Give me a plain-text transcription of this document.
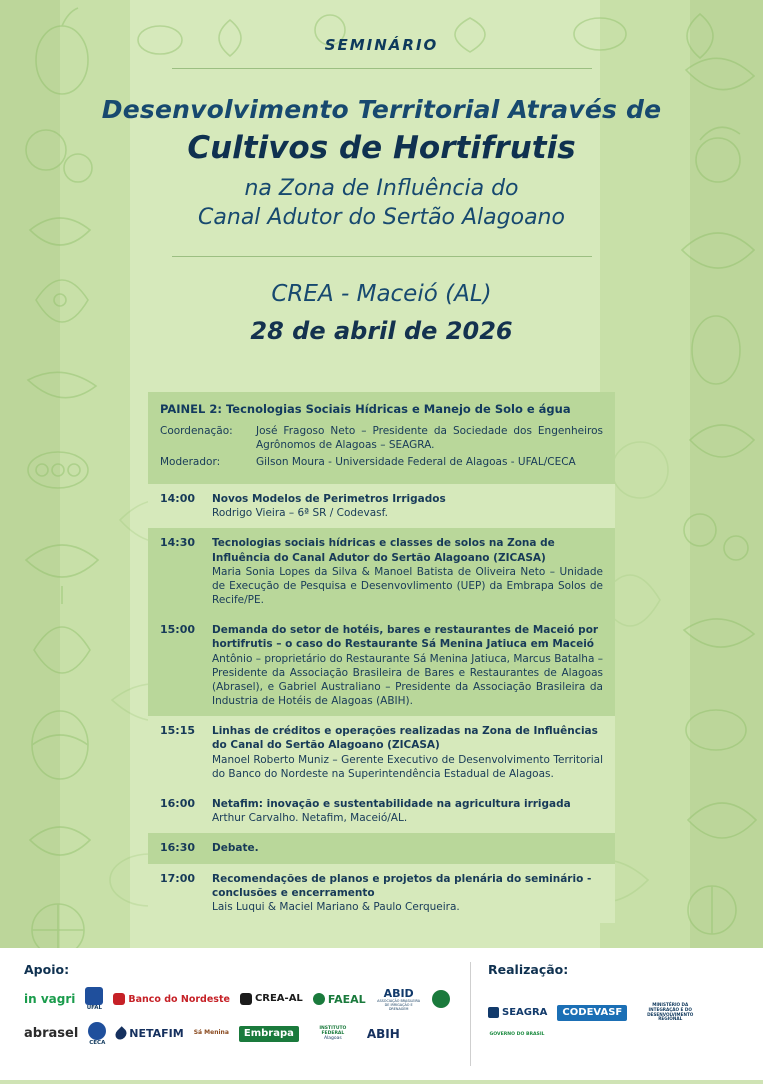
SEMINÁRIO
Desenvolvimento Territorial Através de
Cultivos de Hortifrutis
na Zona de Influência do
Canal Adutor do Sertão Alagoano
CREA - Maceió (AL)
28 de abril de 2026
PAINEL 2: Tecnologias Sociais Hídricas e Manejo de Solo e água
Coordenação:	José Fragoso Neto – Presidente da Sociedade dos Engenheiros Agrônomos de Alagoas – SEAGRA.
Moderador:	Gilson Moura - Universidade Federal de Alagoas - UFAL/CECA
14:00	Novos Modelos de Perimetros Irrigados
Rodrigo Vieira – 6ª SR / Codevasf.
14:30	Tecnologias sociais hídricas e classes de solos na Zona de Influência do Canal Adutor do Sertão Alagoano (ZICASA)
Maria Sonia Lopes da Silva & Manoel Batista de Oliveira Neto – Unidade de Execução de Pesquisa e Desenvovlimento (UEP) da Embrapa Solos de Recife/PE.
15:00	Demanda do setor de hotéis, bares e restaurantes de Maceió por hortifrutis – o caso do Restaurante Sá Menina Jatiuca em Maceió
Antônio – proprietário do Restaurante Sá Menina Jatiuca, Marcus Batalha – Presidente da Associação Brasileira de Bares e Restaurantes de Alagoas (Abrasel), e Gabriel Australiano – Presidente da Associação Brasileira da Industria de Hotéis de Alagoas (ABIH).
15:15	Linhas de créditos e operações realizadas na Zona de Influências do Canal do Sertão Alagoano (ZICASA)
Manoel Roberto Muniz – Gerente Executivo de Desenvolvimento Territorial do Banco do Nordeste na Superintendência Estadual de Alagoas.
16:00	Netafim: inovação e sustentabilidade na agricultura irrigada
Arthur Carvalho. Netafim, Maceió/AL.
16:30	Debate.
17:00	Recomendações de planos e projetos da plenária do seminário - conclusões e encerramento
Lais Luqui & Maciel Mariano & Paulo Cerqueira.
Apoio:
in vagri
UFAL
Banco do Nordeste	CREA-AL FAEAL ABID
ASSOCIAÇÃO BRASILEIRA DE IRRIGAÇÃO E DRENAGEM
abrasel
CECA
NETAFIM Sá Menina	Embrapa	INSTITUTO FEDERAL
Alagoas ABIH
Realização:
SEAGRA	CODEVASF
MINISTÉRIO DA INTEGRAÇÃO E DO DESENVOLVIMENTO REGIONAL
GOVERNO DO BRASIL
